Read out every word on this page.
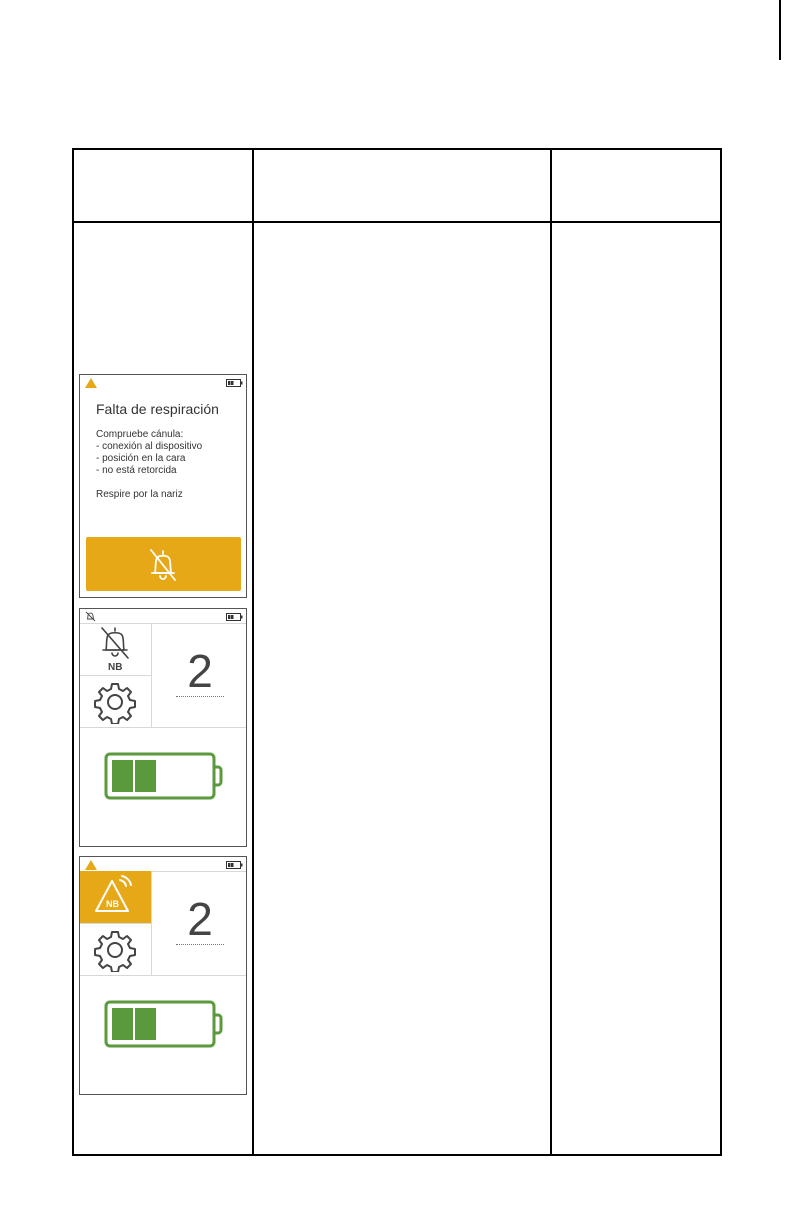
Falta de respiración
Compruebe cánula:
- conexión al dispositivo
- posición en la cara
- no está retorcida
Respire por la nariz
NB	2
NB	2
